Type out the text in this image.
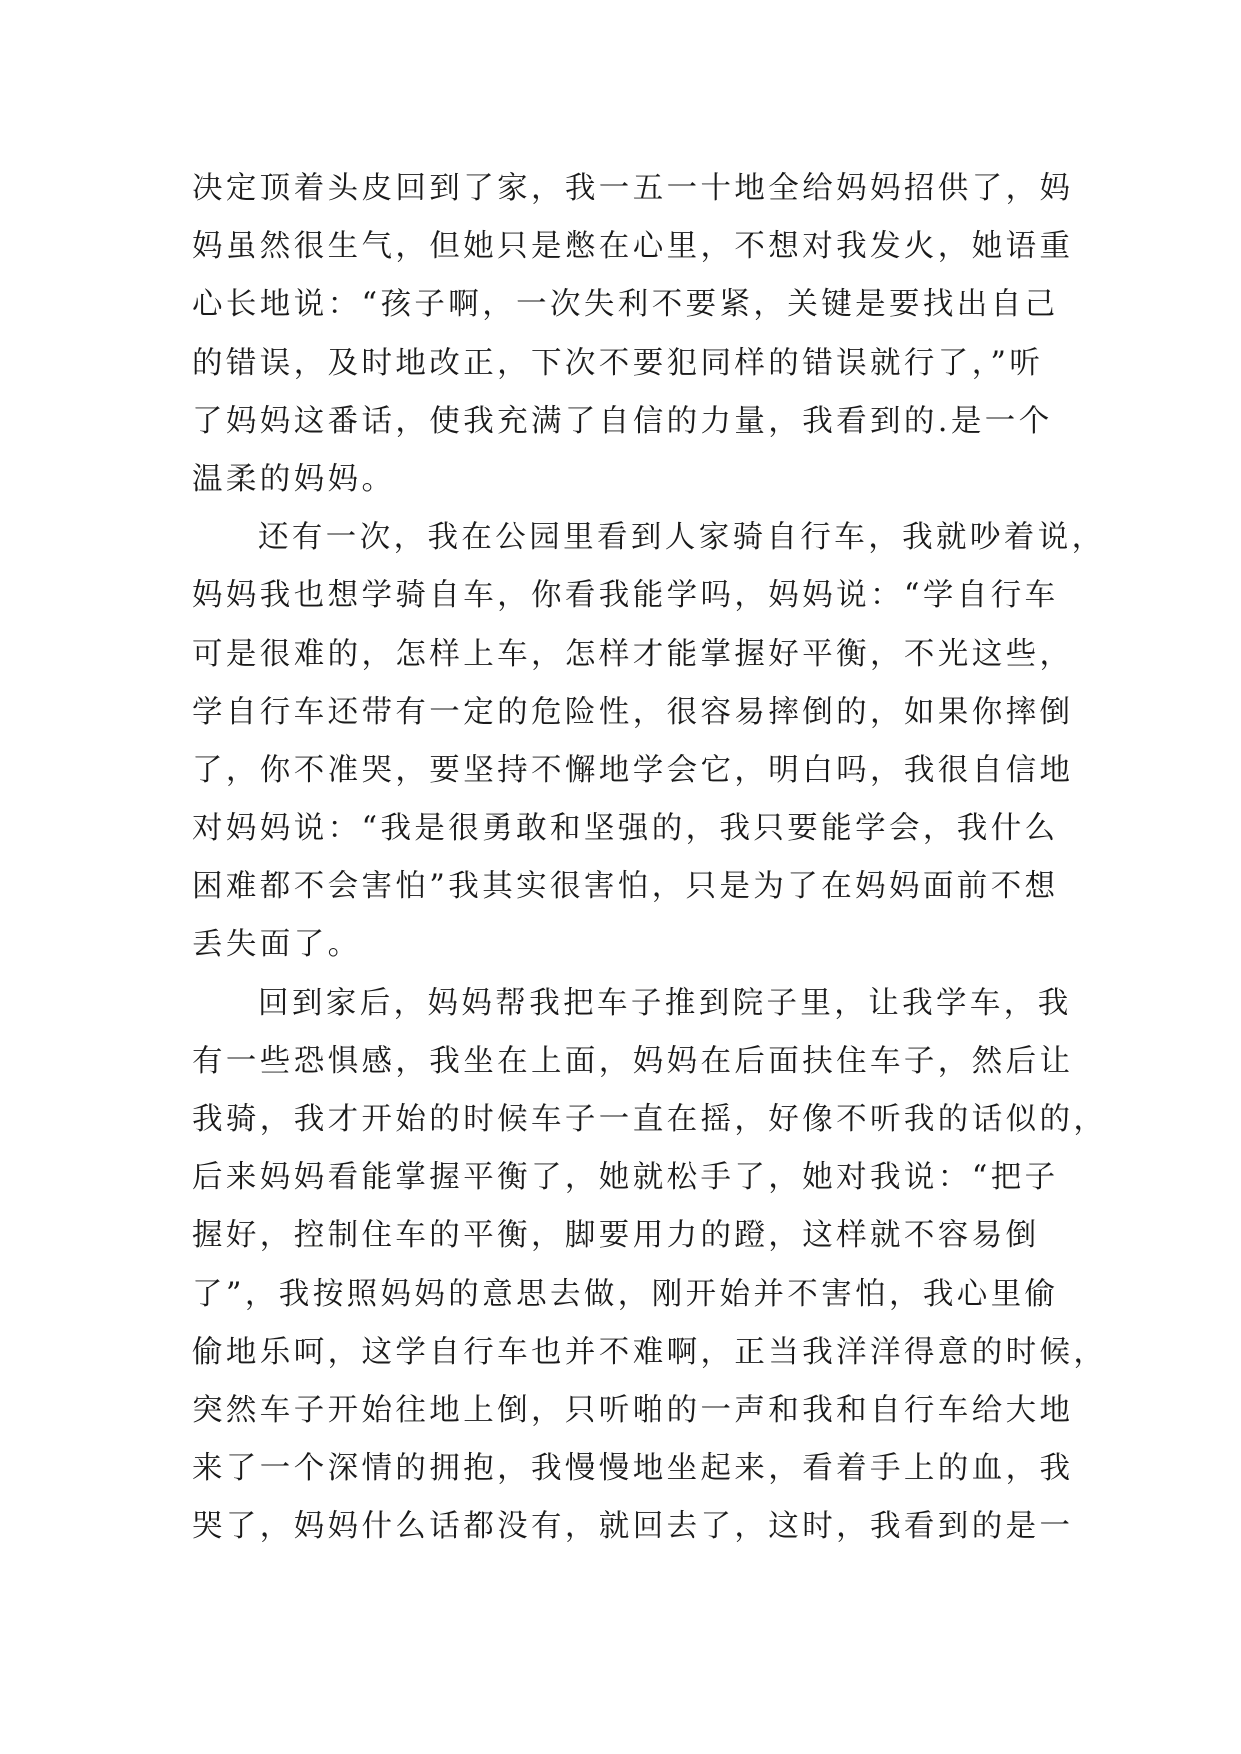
决定顶着头皮回到了家，我一五一十地全给妈妈招供了，妈
妈虽然很生气，但她只是憋在心里，不想对我发火，她语重
心长地说：“孩子啊，一次失利不要紧，关键是要找出自己
的错误，及时地改正，下次不要犯同样的错误就行了，”听
了妈妈这番话，使我充满了自信的力量，我看到的.是一个
温柔的妈妈。
还有一次，我在公园里看到人家骑自行车，我就吵着说，
妈妈我也想学骑自车，你看我能学吗，妈妈说：“学自行车
可是很难的，怎样上车，怎样才能掌握好平衡，不光这些，
学自行车还带有一定的危险性，很容易摔倒的，如果你摔倒
了，你不准哭，要坚持不懈地学会它，明白吗，我很自信地
对妈妈说：“我是很勇敢和坚强的，我只要能学会，我什么
困难都不会害怕”我其实很害怕，只是为了在妈妈面前不想
丢失面了。
回到家后，妈妈帮我把车子推到院子里，让我学车，我
有一些恐惧感，我坐在上面，妈妈在后面扶住车子，然后让
我骑，我才开始的时候车子一直在摇，好像不听我的话似的，
后来妈妈看能掌握平衡了，她就松手了，她对我说：“把子
握好，控制住车的平衡，脚要用力的蹬，这样就不容易倒
了”，我按照妈妈的意思去做，刚开始并不害怕，我心里偷
偷地乐呵，这学自行车也并不难啊，正当我洋洋得意的时候，
突然车子开始往地上倒，只听啪的一声和我和自行车给大地
来了一个深情的拥抱，我慢慢地坐起来，看着手上的血，我
哭了，妈妈什么话都没有，就回去了，这时，我看到的是一
